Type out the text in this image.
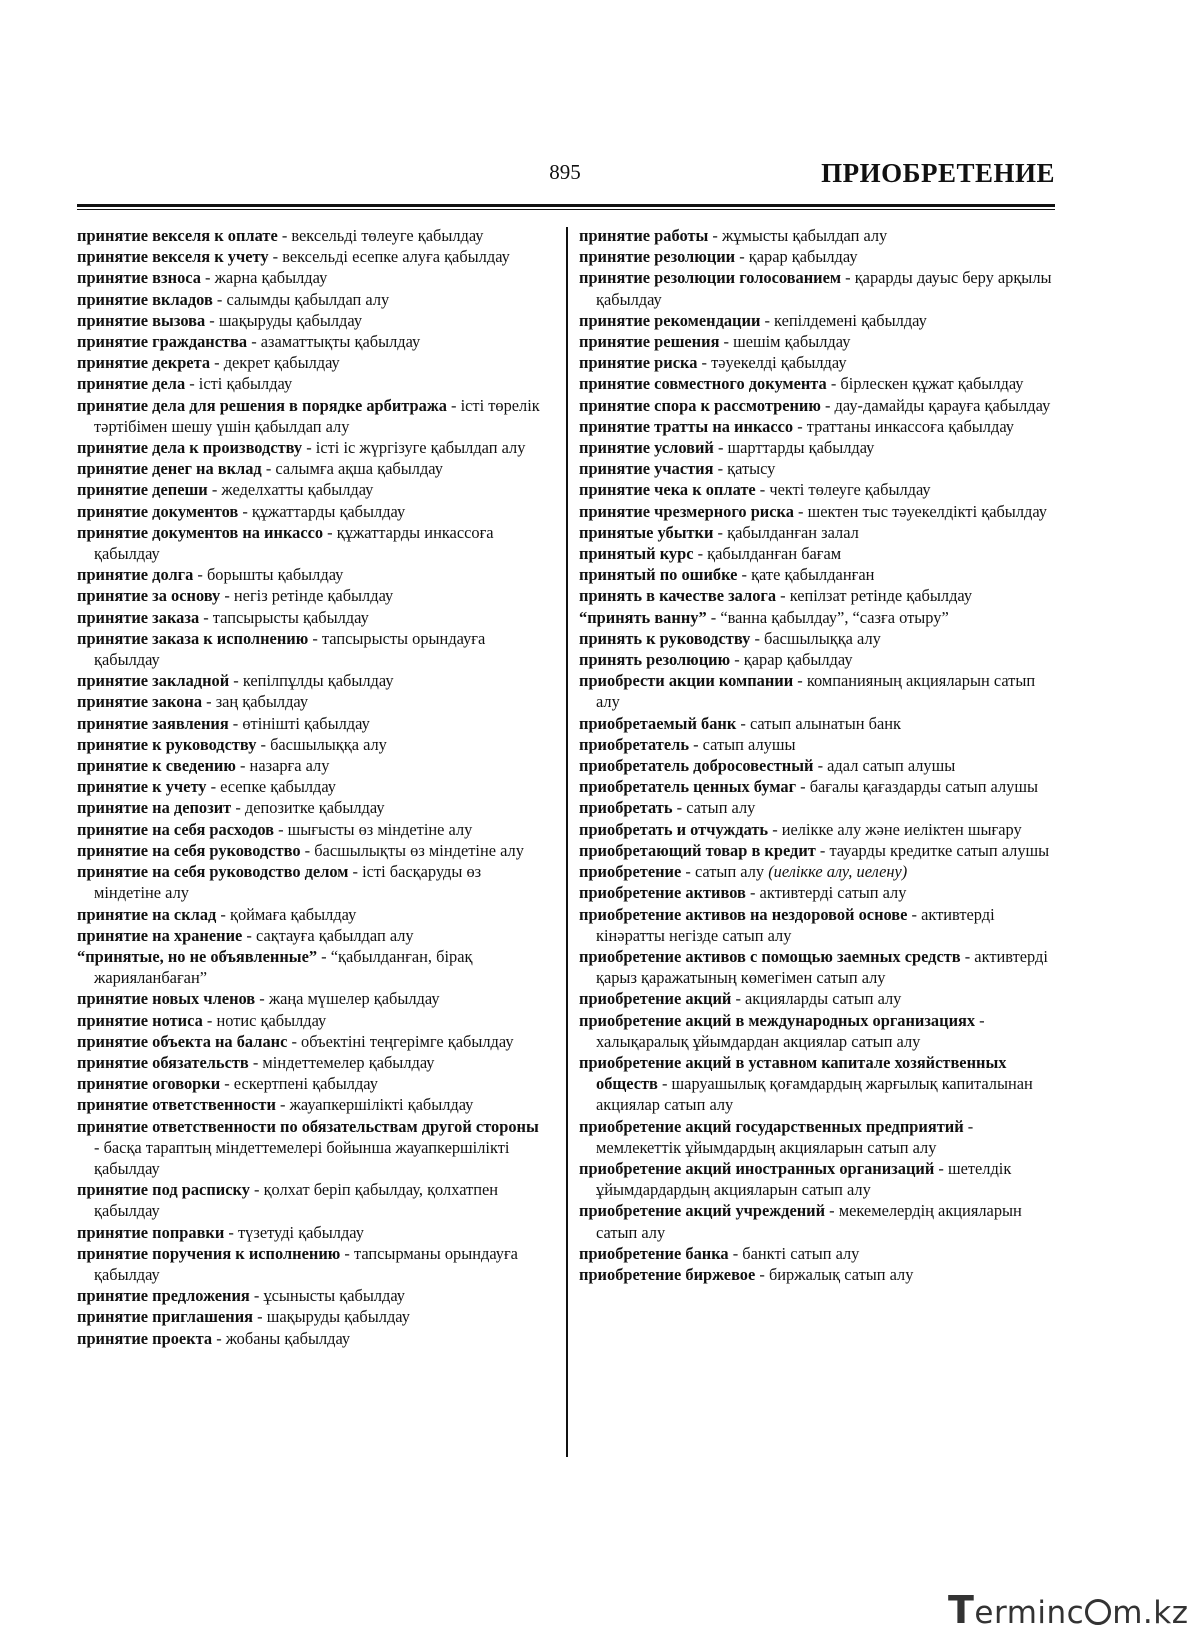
895	ПРИОБРЕТЕНИЕ

принятие векселя к оплате - вексельді төлеуге қабылдау

принятие векселя к учету - вексельді есепке алуға қабылдау

принятие взноса - жарна қабылдау

принятие вкладов - салымды қабылдап алу

принятие вызова - шақыруды қабылдау

принятие гражданства - азаматтықты қабылдау

принятие декрета - декрет қабылдау

принятие дела - істі қабылдау

принятие дела для решения в порядке арбитража - істі төрелік тәртібімен шешу үшін қабылдап алу

принятие дела к производству - істі іс жүргізуге қабылдап алу

принятие денег на вклад - салымға ақша қабылдау

принятие депеши - жеделхатты қабылдау

принятие документов - құжаттарды қабылдау

принятие документов на инкассо - құжаттарды инкассоға қабылдау

принятие долга - борышты қабылдау

принятие за основу - негіз ретінде қабылдау

принятие заказа - тапсырысты қабылдау

принятие заказа к исполнению - тапсырысты орындауға қабылдау

принятие закладной - кепілпұлды қабылдау

принятие закона - заң қабылдау

принятие заявления - өтінішті қабылдау

принятие к руководству - басшылыққа алу

принятие к сведению - назарға алу

принятие к учету - есепке қабылдау

принятие на депозит - депозитке қабылдау

принятие на себя расходов - шығысты өз міндетіне алу

принятие на себя руководство - басшылықты өз міндетіне алу

принятие на себя руководство делом - істі басқаруды өз міндетіне алу

принятие на склад - қоймаға қабылдау

принятие на хранение - сақтауға қабылдап алу

“принятые, но не объявленные” - “қабылданған, бірақ жарияланбаған”

принятие новых членов - жаңа мүшелер қабылдау

принятие нотиса - нотис қабылдау

принятие объекта на баланс - объектіні теңгерімге қабылдау

принятие обязательств - міндеттемелер қабылдау

принятие оговорки - ескертпені қабылдау

принятие ответственности - жауапкершілікті қабылдау

принятие ответственности по обязательствам другой стороны - басқа тараптың міндеттемелері бойынша жауапкершілікті қабылдау

принятие под расписку - қолхат беріп қабылдау, қолхатпен қабылдау

принятие поправки - түзетуді қабылдау

принятие поручения к исполнению - тапсырманы орындауға қабылдау

принятие предложения - ұсынысты қабылдау

принятие приглашения - шақыруды қабылдау

принятие проекта - жобаны қабылдау

принятие работы - жұмысты қабылдап алу

принятие резолюции - қарар қабылдау

принятие резолюции голосованием - қарарды дауыс беру арқылы қабылдау

принятие рекомендации - кепілдемені қабылдау

принятие решения - шешім қабылдау

принятие риска - тәуекелді қабылдау

принятие совместного документа - бірлескен құжат қабылдау

принятие спора к рассмотрению - дау-дамайды қарауға қабылдау

принятие тратты на инкассо - траттаны инкассоға қабылдау

принятие условий - шарттарды қабылдау

принятие участия - қатысу

принятие чека к оплате - чекті төлеуге қабылдау

принятие чрезмерного риска - шектен тыс тәуекелдікті қабылдау

принятые убытки - қабылданған залал

принятый курс - қабылданған бағам

принятый по ошибке - қате қабылданған

принять в качестве залога - кепілзат ретінде қабылдау

“принять ванну” - “ванна қабылдау”, “сазға отыру”

принять к руководству - басшылыққа алу

принять резолюцию - қарар қабылдау

приобрести акции компании - компанияның акцияларын сатып алу

приобретаемый банк - сатып алынатын банк

приобретатель - сатып алушы

приобретатель добросовестный - адал сатып алушы

приобретатель ценных бумаг - бағалы қағаздарды сатып алушы

приобретать - сатып алу

приобретать и отчуждать - иелікке алу және иеліктен шығару

приобретающий товар в кредит - тауарды кредитке сатып алушы

приобретение - сатып алу (иелікке алу, иелену)

приобретение активов - активтерді сатып алу

приобретение активов на нездоровой основе - активтерді кінәратты негізде сатып алу

приобретение активов с помощью заемных средств - активтерді қарыз қаражатының көмегімен сатып алу

приобретение акций - акцияларды сатып алу

приобретение акций в международных организациях - халықаралық ұйымдардан акциялар сатып алу

приобретение акций в уставном капитале хозяйственных обществ - шаруашылық қоғамдардың жарғылық капиталынан акциялар сатып алу

приобретение акций государственных предприятий - мемлекеттік ұйымдардың акцияларын сатып алу

приобретение акций иностранных организаций - шетелдік ұйымдардардың акцияларын сатып алу

приобретение акций учреждений - мекемелердің акцияларын сатып алу

приобретение банка - банкті сатып алу

приобретение биржевое - биржалық сатып алу

Terminc m.kz
